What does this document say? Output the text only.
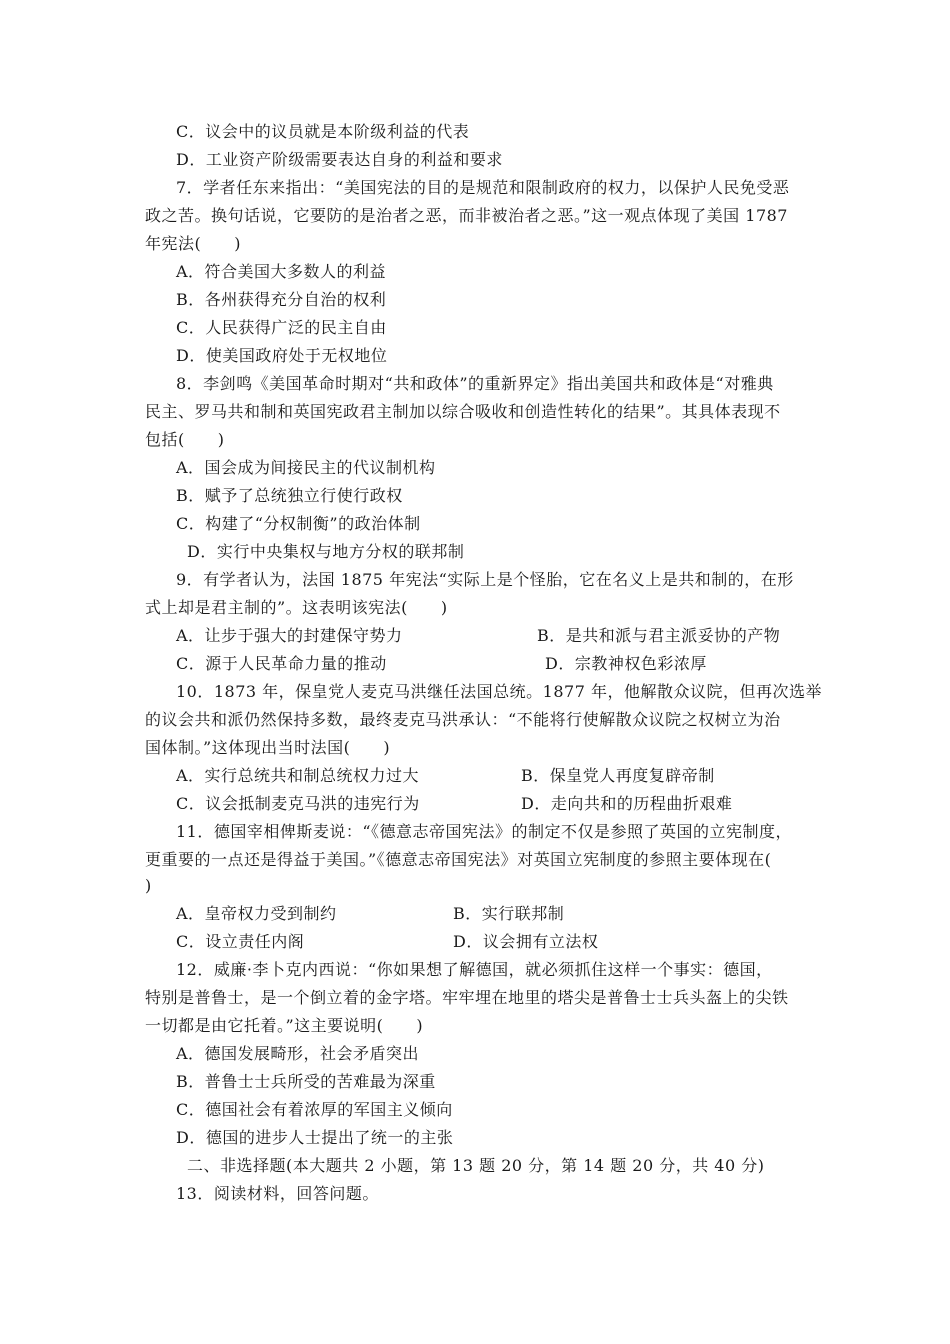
C．议会中的议员就是本阶级利益的代表
D．工业资产阶级需要表达自身的利益和要求
7．学者任东来指出：“美国宪法的目的是规范和限制政府的权力，以保护人民免受恶
政之苦。换句话说，它要防的是治者之恶，而非被治者之恶。”这一观点体现了美国 1787
年宪法(　　)
A．符合美国大多数人的利益
B．各州获得充分自治的权利
C．人民获得广泛的民主自由
D．使美国政府处于无权地位
8．李剑鸣《美国革命时期对“共和政体”的重新界定》指出美国共和政体是“对雅典
民主、罗马共和制和英国宪政君主制加以综合吸收和创造性转化的结果”。其具体表现不
包括(　　)
A．国会成为间接民主的代议制机构
B．赋予了总统独立行使行政权
C．构建了“分权制衡”的政治体制
D．实行中央集权与地方分权的联邦制
9．有学者认为，法国 1875 年宪法“实际上是个怪胎，它在名义上是共和制的，在形
式上却是君主制的”。这表明该宪法(　　)
A．让步于强大的封建保守势力	B．是共和派与君主派妥协的产物
C．源于人民革命力量的推动	D．宗教神权色彩浓厚
10．1873 年，保皇党人麦克马洪继任法国总统。1877 年，他解散众议院，但再次选举
的议会共和派仍然保持多数，最终麦克马洪承认：“不能将行使解散众议院之权树立为治
国体制。”这体现出当时法国(　　)
A．实行总统共和制总统权力过大	B．保皇党人再度复辟帝制
C．议会抵制麦克马洪的违宪行为	D．走向共和的历程曲折艰难
11．德国宰相俾斯麦说：“《德意志帝国宪法》的制定不仅是参照了英国的立宪制度，
更重要的一点还是得益于美国。”《德意志帝国宪法》对英国立宪制度的参照主要体现在(
)
A．皇帝权力受到制约	B．实行联邦制
C．设立责任内阁	D．议会拥有立法权
12．威廉·李卜克内西说：“你如果想了解德国，就必须抓住这样一个事实：德国，
特别是普鲁士，是一个倒立着的金字塔。牢牢埋在地里的塔尖是普鲁士士兵头盔上的尖铁
一切都是由它托着。”这主要说明(　　)
A．德国发展畸形，社会矛盾突出
B．普鲁士士兵所受的苦难最为深重
C．德国社会有着浓厚的军国主义倾向
D．德国的进步人士提出了统一的主张
二、非选择题(本大题共 2 小题，第 13 题 20 分，第 14 题 20 分，共 40 分)
13．阅读材料，回答问题。
